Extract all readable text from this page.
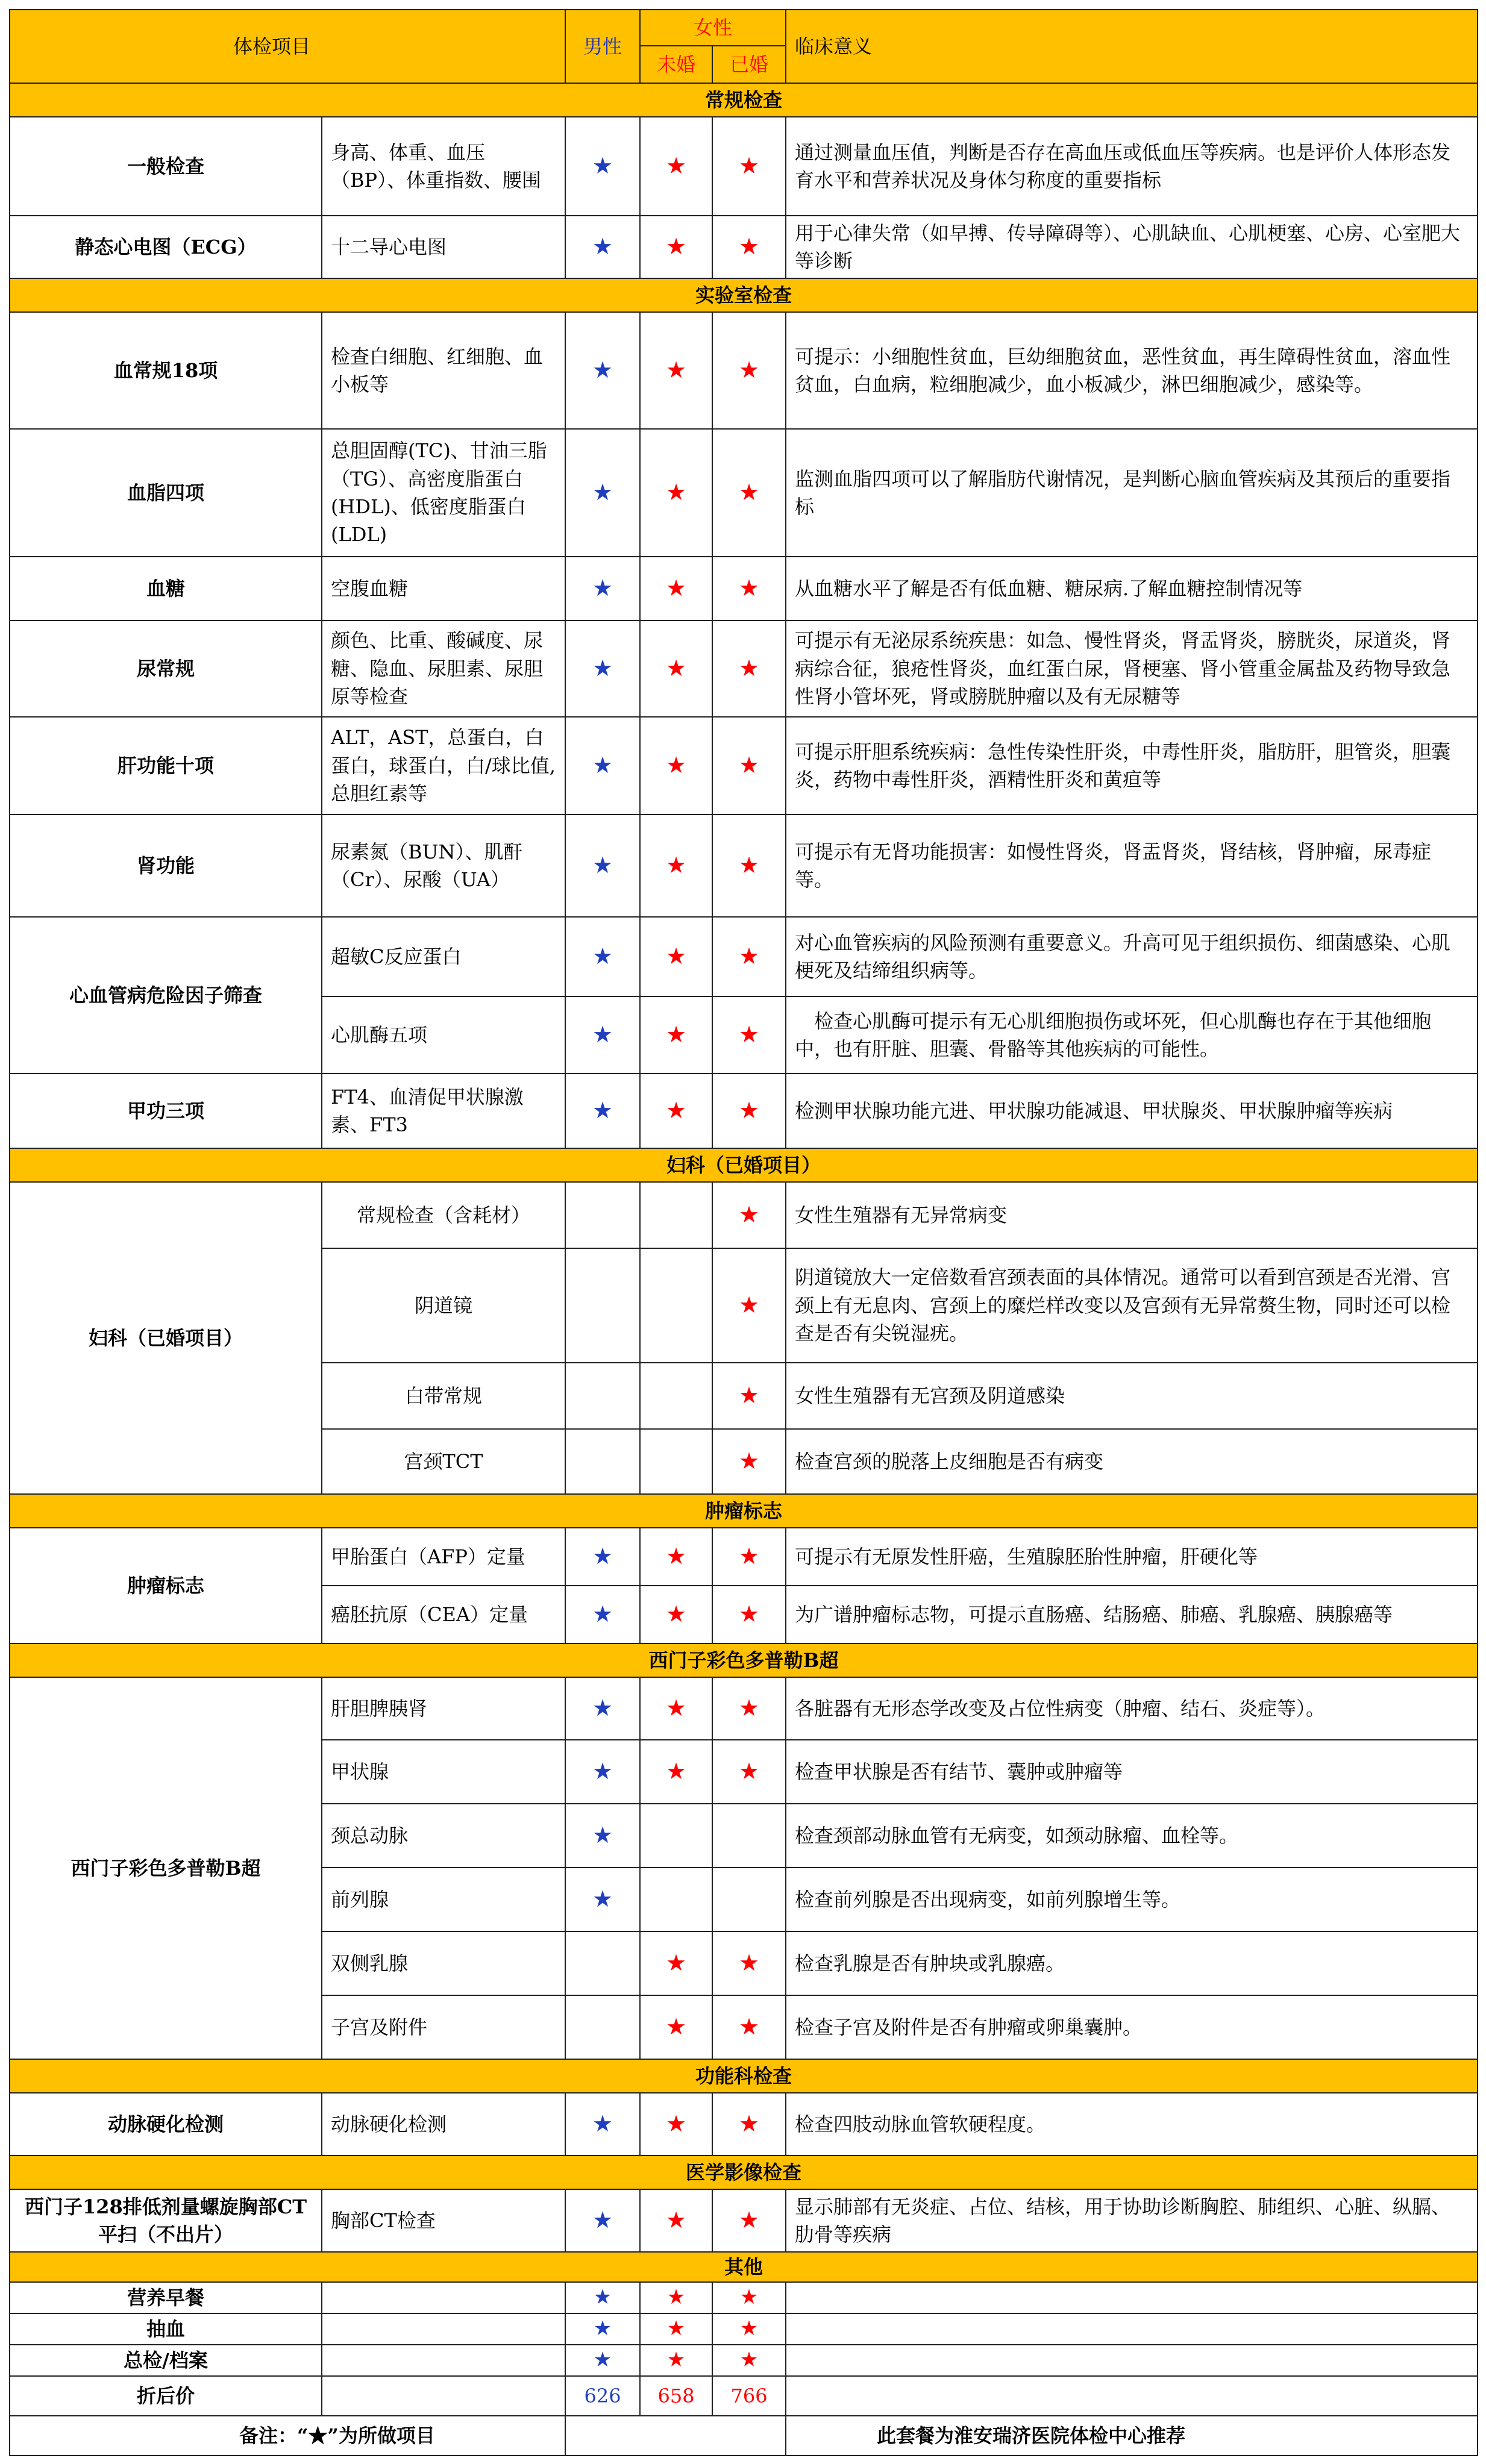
体检项目		男性	女性		临床意义
			未婚	已婚	
常规检查					
一般检查	身高、体重、血压（BP）、体重指数、腰围	★	★	★	通过测量血压值，判断是否存在高血压或低血压等疾病。也是评价人体形态发育水平和营养状况及身体匀称度的重要指标
静态心电图（ECG）	十二导心电图	★	★	★	用于心律失常（如早搏、传导障碍等）、心肌缺血、心肌梗塞、心房、心室肥大等诊断
实验室检查					
血常规18项	检查白细胞、红细胞、血小板等	★	★	★	可提示：小细胞性贫血，巨幼细胞贫血，恶性贫血，再生障碍性贫血，溶血性贫血，白血病，粒细胞减少，血小板减少，淋巴细胞减少，感染等。
血脂四项	总胆固醇(TC)、甘油三脂（TG）、高密度脂蛋白(HDL)、低密度脂蛋白(LDL)	★	★	★	监测血脂四项可以了解脂肪代谢情况，是判断心脑血管疾病及其预后的重要指标
血糖	空腹血糖	★	★	★	从血糖水平了解是否有低血糖、糖尿病.了解血糖控制情况等
尿常规	颜色、比重、酸碱度、尿糖、隐血、尿胆素、尿胆原等检查	★	★	★	可提示有无泌尿系统疾患：如急、慢性肾炎，肾盂肾炎，膀胱炎，尿道炎，肾病综合征，狼疮性肾炎，血红蛋白尿，肾梗塞、肾小管重金属盐及药物导致急性肾小管坏死，肾或膀胱肿瘤以及有无尿糖等
肝功能十项	ALT，AST，总蛋白，白蛋白，球蛋白，白/球比值,总胆红素等	★	★	★	可提示肝胆系统疾病：急性传染性肝炎，中毒性肝炎，脂肪肝，胆管炎，胆囊炎，药物中毒性肝炎，酒精性肝炎和黄疸等
肾功能	尿素氮（BUN）、肌酐（Cr）、尿酸（UA）	★	★	★	可提示有无肾功能损害：如慢性肾炎，肾盂肾炎，肾结核，肾肿瘤，尿毒症等。
心血管病危险因子筛查	超敏C反应蛋白	★	★	★	对心血管疾病的风险预测有重要意义。升高可见于组织损伤、细菌感染、心肌梗死及结缔组织病等。
	心肌酶五项	★	★	★	检查心肌酶可提示有无心肌细胞损伤或坏死，但心肌酶也存在于其他细胞中，也有肝脏、胆囊、骨骼等其他疾病的可能性。
甲功三项	FT4、血清促甲状腺激素、FT3	★	★	★	检测甲状腺功能亢进、甲状腺功能减退、甲状腺炎、甲状腺肿瘤等疾病
妇科（已婚项目）					
妇科（已婚项目）	常规检查（含耗材）			★	女性生殖器有无异常病变
	阴道镜			★	阴道镜放大一定倍数看宫颈表面的具体情况。通常可以看到宫颈是否光滑、宫颈上有无息肉、宫颈上的糜烂样改变以及宫颈有无异常赘生物，同时还可以检查是否有尖锐湿疣。
	白带常规			★	女性生殖器有无宫颈及阴道感染
	宫颈TCT			★	检查宫颈的脱落上皮细胞是否有病变
肿瘤标志					
肿瘤标志	甲胎蛋白（AFP）定量	★	★	★	可提示有无原发性肝癌，生殖腺胚胎性肿瘤，肝硬化等
	癌胚抗原（CEA）定量	★	★	★	为广谱肿瘤标志物，可提示直肠癌、结肠癌、肺癌、乳腺癌、胰腺癌等
西门子彩色多普勒B超					
西门子彩色多普勒B超	肝胆脾胰肾	★	★	★	各脏器有无形态学改变及占位性病变（肿瘤、结石、炎症等）。
	甲状腺	★	★	★	检查甲状腺是否有结节、囊肿或肿瘤等
	颈总动脉	★			检查颈部动脉血管有无病变，如颈动脉瘤、血栓等。
	前列腺	★			检查前列腺是否出现病变，如前列腺增生等。
	双侧乳腺		★	★	检查乳腺是否有肿块或乳腺癌。
	子宫及附件		★	★	检查子宫及附件是否有肿瘤或卵巢囊肿。
功能科检查					
动脉硬化检测	动脉硬化检测	★	★	★	检查四肢动脉血管软硬程度。
医学影像检查					
西门子128排低剂量螺旋胸部CT平扫（不出片）	胸部CT检查	★	★	★	显示肺部有无炎症、占位、结核，用于协助诊断胸腔、肺组织、心脏、纵膈、肋骨等疾病
其他					
营养早餐		★	★	★	
抽血		★	★	★	
总检/档案		★	★	★	
折后价		626	658	766	
备注：“★”为所做项目					此套餐为淮安瑞济医院体检中心推荐
